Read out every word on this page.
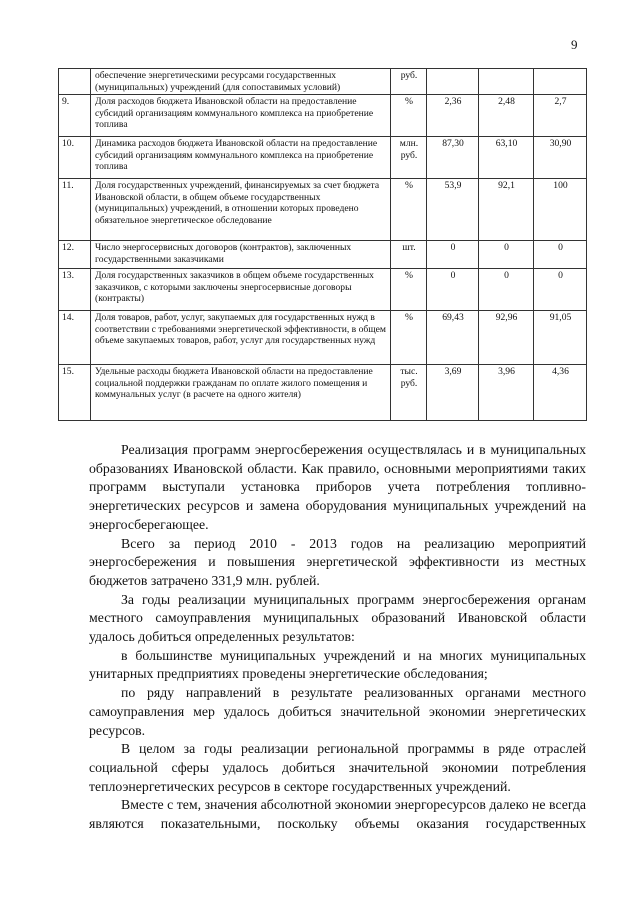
9
	обеспечение энергетическими ресурсами государственных (муниципальных) учреждений (для сопоставимых условий)	руб.			
9.	Доля расходов бюджета Ивановской области на предоставление субсидий организациям коммунального комплекса на приобретение топлива	%	2,36	2,48	2,7
10.	Динамика расходов бюджета Ивановской области на предоставление субсидий организациям коммунального комплекса на приобретение топлива	млн. руб.	87,30	63,10	30,90
11.	Доля государственных учреждений, финансируемых за счет бюджета Ивановской области, в общем объеме государственных (муниципальных) учреждений, в отношении которых проведено обязательное энергетическое обследование	%	53,9	92,1	100
12.	Число энергосервисных договоров (контрактов), заключенных государственными заказчиками	шт.	0	0	0
13.	Доля государственных заказчиков в общем объеме государственных заказчиков, с которыми заключены энергосервисные договоры (контракты)	%	0	0	0
14.	Доля товаров, работ, услуг, закупаемых для государственных нужд в соответствии с требованиями энергетической эффективности, в общем объеме закупаемых товаров, работ, услуг для государственных нужд	%	69,43	92,96	91,05
15.	Удельные расходы бюджета Ивановской области на предоставление социальной поддержки гражданам по оплате жилого помещения и коммунальных услуг (в расчете на одного жителя)	тыс. руб.	3,69	3,96	4,36

Реализация программ энергосбережения осуществлялась и в муниципальных образованиях Ивановской области. Как правило, основными мероприятиями таких программ выступали установка приборов учета потребления топливно-энергетических ресурсов и замена оборудования муниципальных учреждений на энергосберегающее.

Всего за период 2010 - 2013 годов на реализацию мероприятий энергосбережения и повышения энергетической эффективности из местных бюджетов затрачено 331,9 млн. рублей.

За годы реализации муниципальных программ энергосбережения органам местного самоуправления муниципальных образований Ивановской области удалось добиться определенных результатов:

в большинстве муниципальных учреждений и на многих муниципальных унитарных предприятиях проведены энергетические обследования;

по ряду направлений в результате реализованных органами местного самоуправления мер удалось добиться значительной экономии энергетических ресурсов.

В целом за годы реализации региональной программы в ряде отраслей социальной сферы удалось добиться значительной экономии потребления теплоэнергетических ресурсов в секторе государственных учреждений.

Вместе с тем, значения абсолютной экономии энергоресурсов далеко не всегда являются показательными, поскольку объемы оказания государственных
